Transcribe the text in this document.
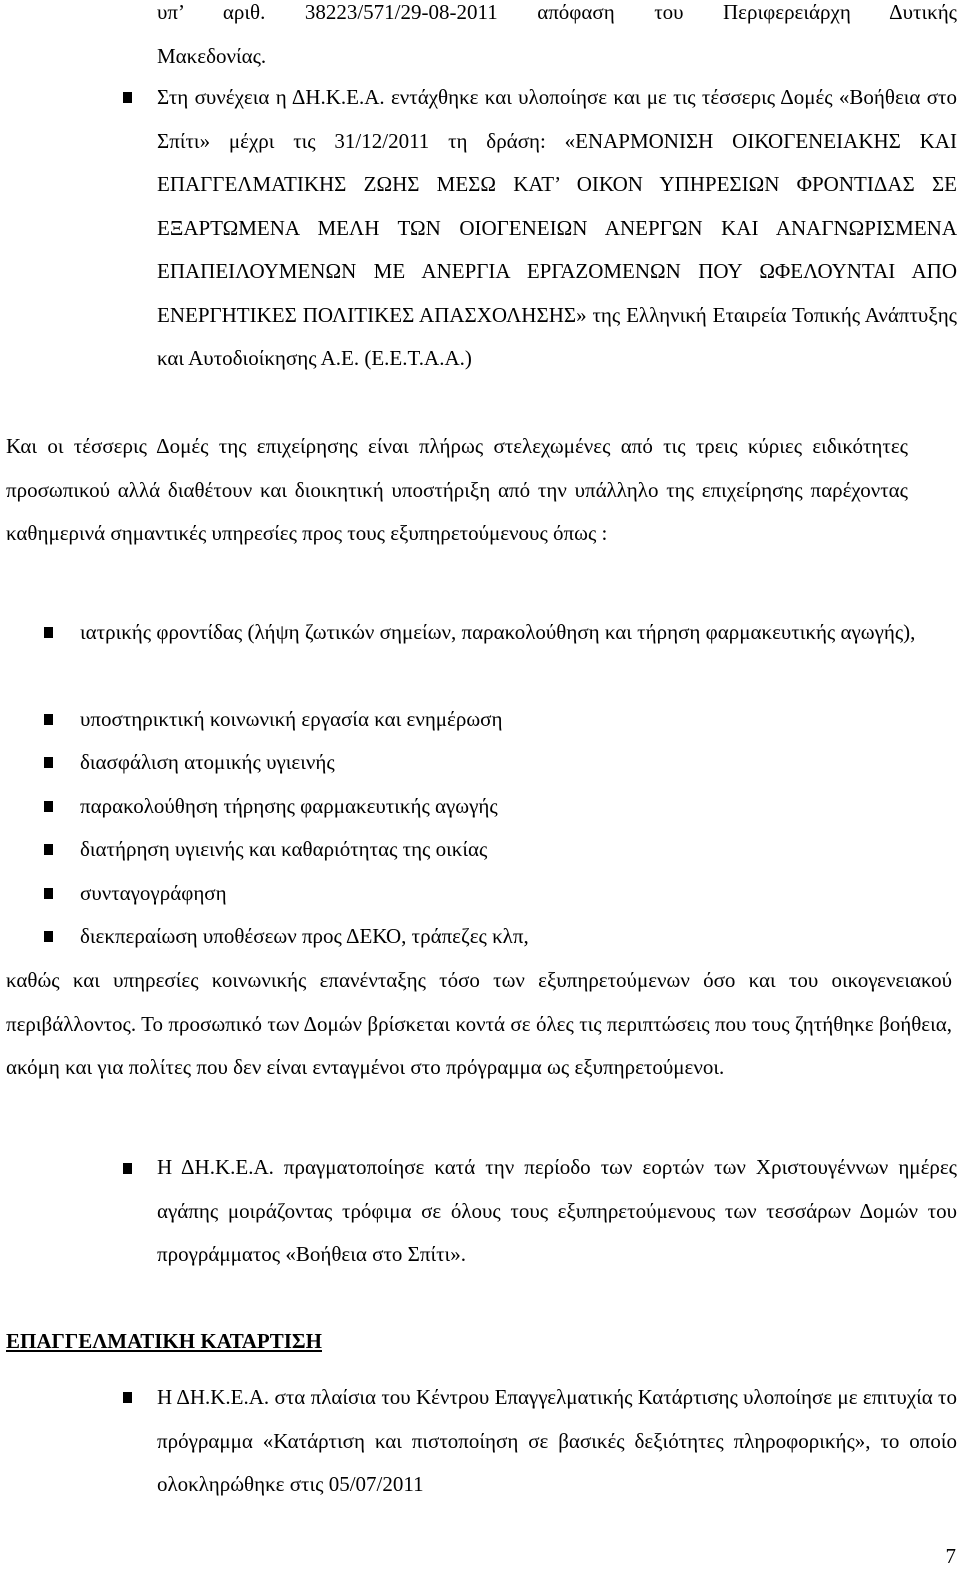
υπ’ αριθ. 38223/571/29-08-2011 απόφαση του Περιφερειάρχη Δυτικής

Μακεδονίας.

Στη συνέχεια η ΔΗ.Κ.Ε.Α. εντάχθηκε και υλοποίησε και με τις τέσσερις Δομές «Βοήθεια στο Σπίτι» μέχρι τις 31/12/2011 τη δράση: «ΕΝΑΡΜΟΝΙΣΗ ΟΙΚΟΓΕΝΕΙΑΚΗΣ ΚΑΙ ΕΠΑΓΓΕΛΜΑΤΙΚΗΣ ΖΩΗΣ ΜΕΣΩ ΚΑΤ’ ΟΙΚΟΝ ΥΠΗΡΕΣΙΩΝ ΦΡΟΝΤΙΔΑΣ ΣΕ ΕΞΑΡΤΩΜΕΝΑ ΜΕΛΗ ΤΩΝ ΟΙΟΓΕΝΕΙΩΝ ΑΝΕΡΓΩΝ ΚΑΙ ΑΝΑΓΝΩΡΙΣΜΕΝΑ ΕΠΑΠΕΙΛΟΥΜΕΝΩΝ ΜΕ ΑΝΕΡΓΙΑ ΕΡΓΑΖΟΜΕΝΩΝ ΠΟΥ ΩΦΕΛΟΥΝΤΑΙ ΑΠΟ ΕΝΕΡΓΗΤΙΚΕΣ ΠΟΛΙΤΙΚΕΣ ΑΠΑΣΧΟΛΗΣΗΣ» της Ελληνική Εταιρεία Τοπικής Ανάπτυξης και Αυτοδιοίκησης Α.Ε. (Ε.Ε.Τ.Α.Α.)

Και οι τέσσερις Δομές της επιχείρησης είναι πλήρως στελεχωμένες από τις τρεις κύριες ειδικότητες προσωπικού αλλά διαθέτουν και διοικητική υποστήριξη από την υπάλληλο της επιχείρησης παρέχοντας καθημερινά σημαντικές υπηρεσίες προς τους εξυπηρετούμενους όπως :

ιατρικής φροντίδας (λήψη ζωτικών σημείων, παρακολούθηση και τήρηση φαρμακευτικής αγωγής),

υποστηρικτική κοινωνική εργασία και ενημέρωση

διασφάλιση ατομικής υγιεινής

παρακολούθηση τήρησης φαρμακευτικής αγωγής

διατήρηση υγιεινής και καθαριότητας της οικίας

συνταγογράφηση

διεκπεραίωση υποθέσεων προς ΔΕΚΟ, τράπεζες κλπ,

καθώς και υπηρεσίες κοινωνικής επανένταξης τόσο των εξυπηρετούμενων όσο και του οικογενειακού περιβάλλοντος. Το προσωπικό των Δομών βρίσκεται κοντά σε όλες τις περιπτώσεις που τους ζητήθηκε βοήθεια, ακόμη και για πολίτες που δεν είναι ενταγμένοι στο πρόγραμμα ως εξυπηρετούμενοι.

Η ΔΗ.Κ.Ε.Α. πραγματοποίησε κατά την περίοδο των εορτών των Χριστουγέννων ημέρες αγάπης μοιράζοντας τρόφιμα σε όλους τους εξυπηρετούμενους των τεσσάρων Δομών του προγράμματος «Βοήθεια στο Σπίτι».

ΕΠΑΓΓΕΛΜΑΤΙΚΗ ΚΑΤΑΡΤΙΣΗ

Η ΔΗ.Κ.Ε.Α. στα πλαίσια του Κέντρου Επαγγελματικής Κατάρτισης υλοποίησε με επιτυχία το πρόγραμμα «Κατάρτιση και πιστοποίηση σε βασικές δεξιότητες πληροφορικής», το οποίο ολοκληρώθηκε στις 05/07/2011

7
